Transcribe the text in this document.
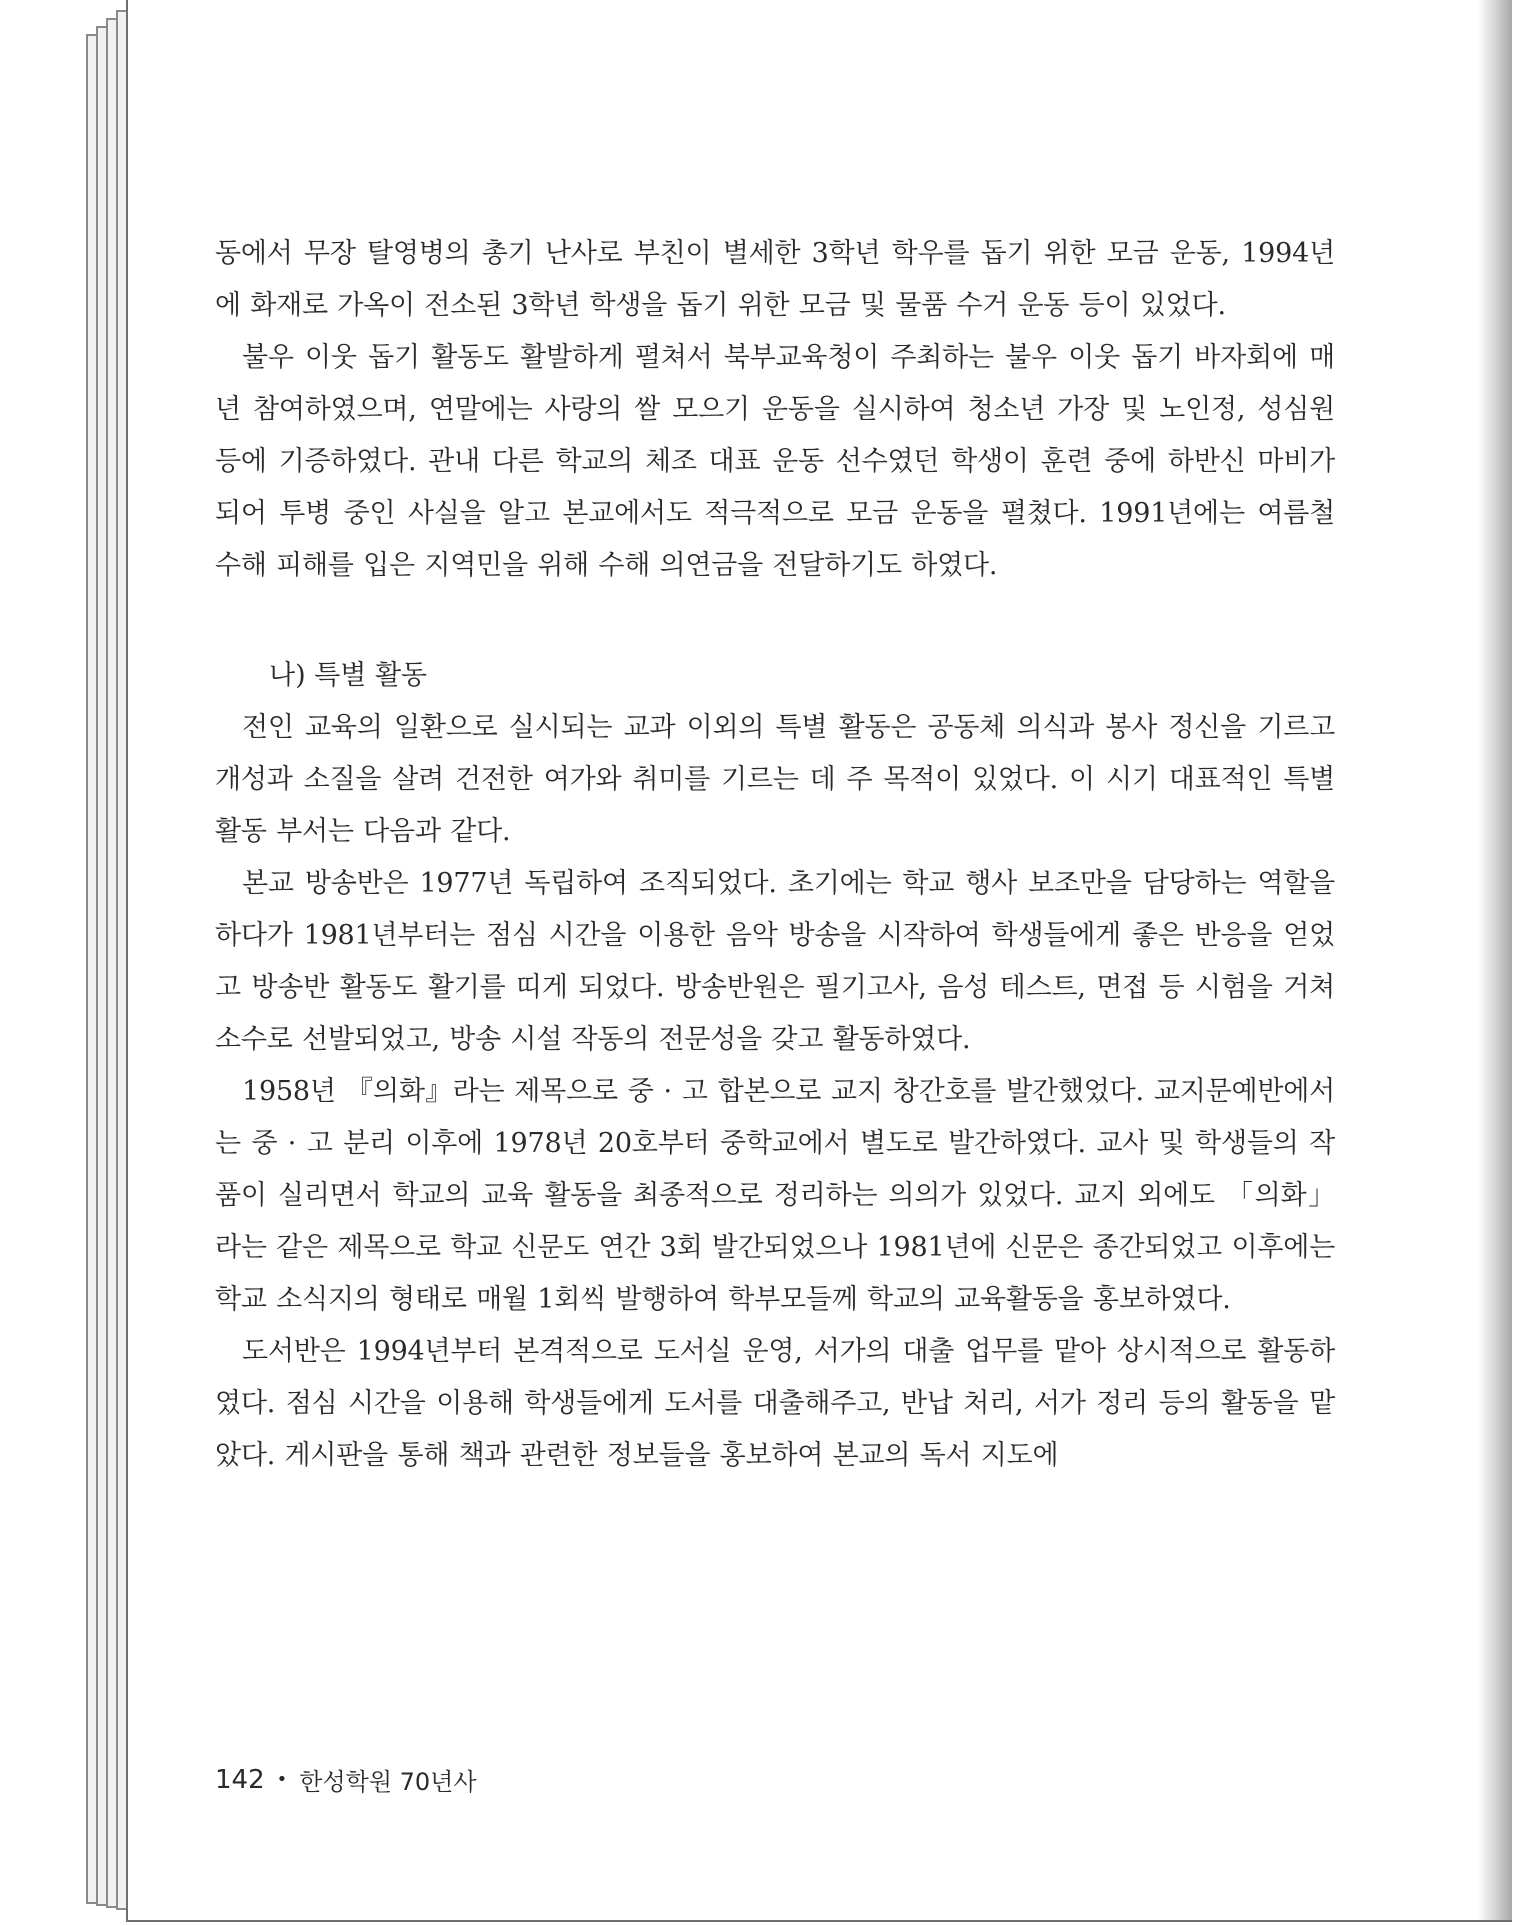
동에서 무장 탈영병의 총기 난사로 부친이 별세한 3학년 학우를 돕기 위한 모금 운동, 1994년에 화재로 가옥이 전소된 3학년 학생을 돕기 위한 모금 및 물품 수거 운동 등이 있었다.

불우 이웃 돕기 활동도 활발하게 펼쳐서 북부교육청이 주최하는 불우 이웃 돕기 바자회에 매년 참여하였으며, 연말에는 사랑의 쌀 모으기 운동을 실시하여 청소년 가장 및 노인정, 성심원 등에 기증하였다. 관내 다른 학교의 체조 대표 운동 선수였던 학생이 훈련 중에 하반신 마비가 되어 투병 중인 사실을 알고 본교에서도 적극적으로 모금 운동을 펼쳤다. 1991년에는 여름철 수해 피해를 입은 지역민을 위해 수해 의연금을 전달하기도 하였다.

나) 특별 활동

전인 교육의 일환으로 실시되는 교과 이외의 특별 활동은 공동체 의식과 봉사 정신을 기르고 개성과 소질을 살려 건전한 여가와 취미를 기르는 데 주 목적이 있었다. 이 시기 대표적인 특별활동 부서는 다음과 같다.

본교 방송반은 1977년 독립하여 조직되었다. 초기에는 학교 행사 보조만을 담당하는 역할을 하다가 1981년부터는 점심 시간을 이용한 음악 방송을 시작하여 학생들에게 좋은 반응을 얻었고 방송반 활동도 활기를 띠게 되었다. 방송반원은 필기고사, 음성 테스트, 면접 등 시험을 거쳐 소수로 선발되었고, 방송 시설 작동의 전문성을 갖고 활동하였다.

1958년 『의화』라는 제목으로 중 · 고 합본으로 교지 창간호를 발간했었다. 교지문예반에서는 중 · 고 분리 이후에 1978년 20호부터 중학교에서 별도로 발간하였다. 교사 및 학생들의 작품이 실리면서 학교의 교육 활동을 최종적으로 정리하는 의의가 있었다. 교지 외에도 「의화」라는 같은 제목으로 학교 신문도 연간 3회 발간되었으나 1981년에 신문은 종간되었고 이후에는 학교 소식지의 형태로 매월 1회씩 발행하여 학부모들께 학교의 교육활동을 홍보하였다.

도서반은 1994년부터 본격적으로 도서실 운영, 서가의 대출 업무를 맡아 상시적으로 활동하였다. 점심 시간을 이용해 학생들에게 도서를 대출해주고, 반납 처리, 서가 정리 등의 활동을 맡았다. 게시판을 통해 책과 관련한 정보들을 홍보하여 본교의 독서 지도에

142 • 한성학원 70년사
